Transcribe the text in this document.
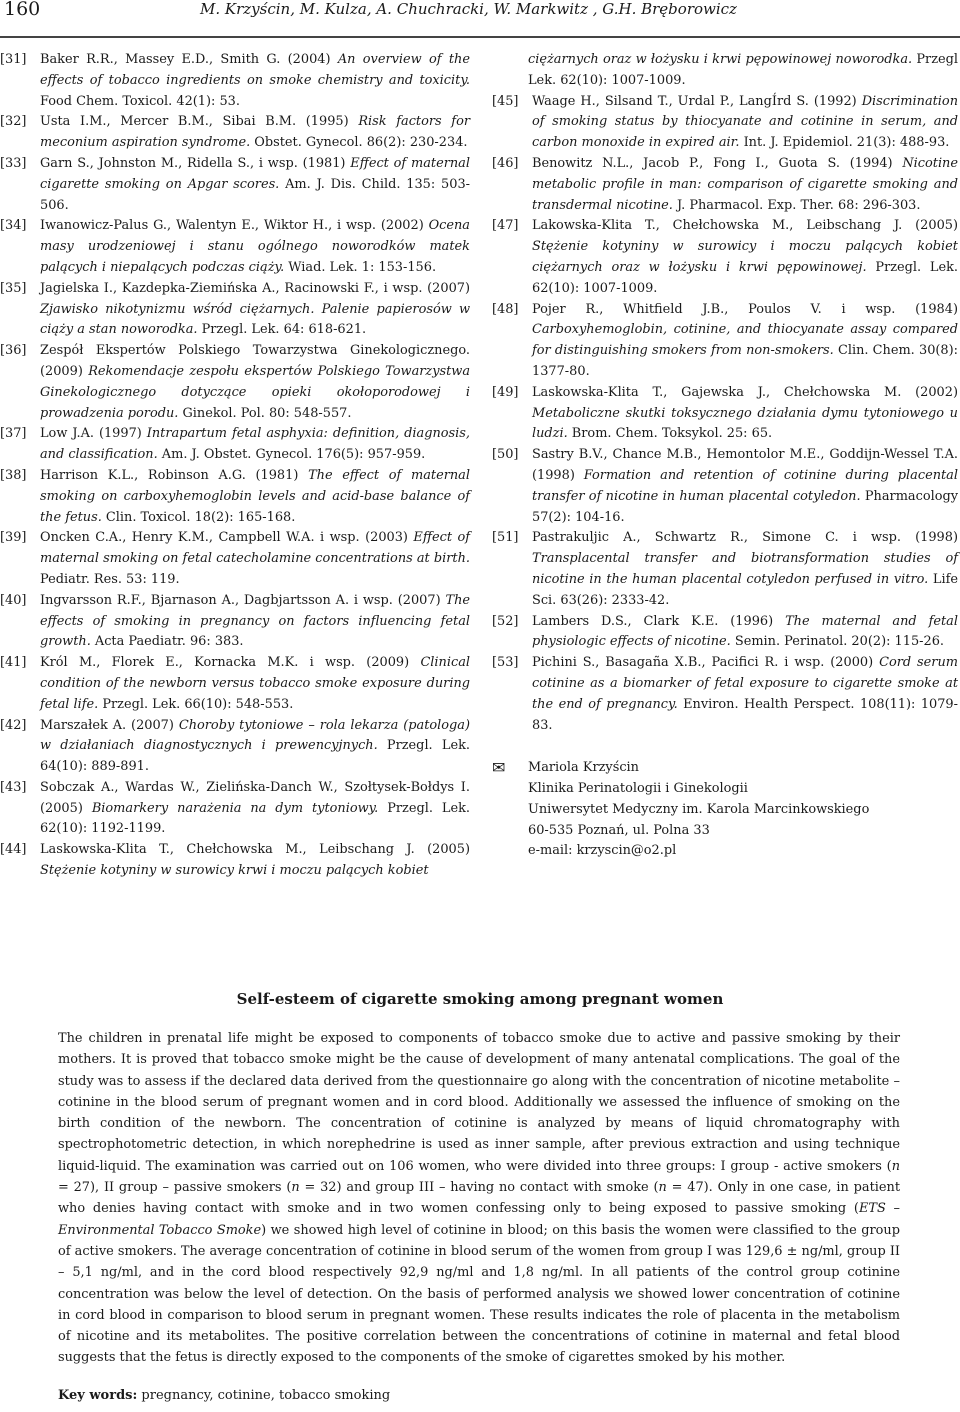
160	M. Krzyścin, M. Kulza, A. Chuchracki, W. Markwitz , G.H. Bręborowicz
[31]	Baker R.R., Massey E.D., Smith G. (2004) An overview of the effects of tobacco ingredients on smoke chemistry and toxicity. Food Chem. Toxicol. 42(1): 53.
[32]	Usta I.M., Mercer B.M., Sibai B.M. (1995) Risk factors for meconium aspiration syndrome. Obstet. Gynecol. 86(2): 230-234.
[33]	Garn S., Johnston M., Ridella S., i wsp. (1981) Effect of maternal cigarette smoking on Apgar scores. Am. J. Dis. Child. 135: 503-506.
[34]	Iwanowicz-Palus G., Walentyn E., Wiktor H., i wsp. (2002) Ocena masy urodzeniowej i stanu ogólnego noworodków matek palących i niepalących podczas ciąży. Wiad. Lek. 1: 153-156.
[35]	Jagielska I., Kazdepka-Ziemińska A., Racinowski F., i wsp. (2007) Zjawisko nikotynizmu wśród ciężarnych. Palenie papierosów w ciąży a stan noworodka. Przegl. Lek. 64: 618-621.
[36]	Zespół Ekspertów Polskiego Towarzystwa Ginekologicznego. (2009) Rekomendacje zespołu ekspertów Polskiego Towarzystwa Ginekologicznego dotyczące opieki okołoporodowej i prowadzenia porodu. Ginekol. Pol. 80: 548-557.
[37]	Low J.A. (1997) Intrapartum fetal asphyxia: definition, diagnosis, and classification. Am. J. Obstet. Gynecol. 176(5): 957-959.
[38]	Harrison K.L., Robinson A.G. (1981) The effect of maternal smoking on carboxyhemoglobin levels and acid-base balance of the fetus. Clin. Toxicol. 18(2): 165-168.
[39]	Oncken C.A., Henry K.M., Campbell W.A. i wsp. (2003) Effect of maternal smoking on fetal catecholamine concentrations at birth. Pediatr. Res. 53: 119.
[40]	Ingvarsson R.F., Bjarnason A., Dagbjartsson A. i wsp. (2007) The effects of smoking in pregnancy on factors influencing fetal growth. Acta Paediatr. 96: 383.
[41]	Król M., Florek E., Kornacka M.K. i wsp. (2009) Clinical condition of the newborn versus tobacco smoke exposure during fetal life. Przegl. Lek. 66(10): 548-553.
[42]	Marszałek A. (2007) Choroby tytoniowe – rola lekarza (patologa) w działaniach diagnostycznych i prewencyjnych. Przegl. Lek. 64(10): 889-891.
[43]	Sobczak A., Wardas W., Zielińska-Danch W., Szołtysek-Bołdys I. (2005) Biomarkery narażenia na dym tytoniowy. Przegl. Lek. 62(10): 1192-1199.
[44]	Laskowska-Klita T., Chełchowska M., Leibschang J. (2005) Stężenie kotyniny w surowicy krwi i moczu palących kobiet
ciężarnych oraz w łożysku i krwi pępowinowej noworodka. Przegl Lek. 62(10): 1007-1009.
[45]	Waage H., Silsand T., Urdal P., LangÍrd S. (1992) Discrimination of smoking status by thiocyanate and cotinine in serum, and carbon monoxide in expired air. Int. J. Epidemiol. 21(3): 488-93.
[46]	Benowitz N.L., Jacob P., Fong I., Guota S. (1994) Nicotine metabolic profile in man: comparison of cigarette smoking and transdermal nicotine. J. Pharmacol. Exp. Ther. 68: 296-303.
[47]	Lakowska-Klita T., Chełchowska M., Leibschang J. (2005) Stężenie kotyniny w surowicy i moczu palących kobiet ciężarnych oraz w łożysku i krwi pępowinowej. Przegl. Lek. 62(10): 1007-1009.
[48]	Pojer R., Whitfield J.B., Poulos V. i wsp. (1984) Carboxyhemoglobin, cotinine, and thiocyanate assay compared for distinguishing smokers from non-smokers. Clin. Chem. 30(8): 1377-80.
[49]	Laskowska-Klita T., Gajewska J., Chełchowska M. (2002) Metaboliczne skutki toksycznego działania dymu tytoniowego u ludzi. Brom. Chem. Toksykol. 25: 65.
[50]	Sastry B.V., Chance M.B., Hemontolor M.E., Goddijn-Wessel T.A. (1998) Formation and retention of cotinine during placental transfer of nicotine in human placental cotyledon. Pharmacology 57(2): 104-16.
[51]	Pastrakuljic A., Schwartz R., Simone C. i wsp. (1998) Transplacental transfer and biotransformation studies of nicotine in the human placental cotyledon perfused in vitro. Life Sci. 63(26): 2333-42.
[52]	Lambers D.S., Clark K.E. (1996) The maternal and fetal physiologic effects of nicotine. Semin. Perinatol. 20(2): 115-26.
[53]	Pichini S., Basagaña X.B., Pacifici R. i wsp. (2000) Cord serum cotinine as a biomarker of fetal exposure to cigarette smoke at the end of pregnancy. Environ. Health Perspect. 108(11): 1079-83.
✉	Mariola Krzyścin
Klinika Perinatologii i Ginekologii
Uniwersytet Medyczny im. Karola Marcinkowskiego
60-535 Poznań, ul. Polna 33
e-mail: krzyscin@o2.pl
Self-esteem of cigarette smoking among pregnant women
The children in prenatal life might be exposed to components of tobacco smoke due to active and passive smoking by their mothers. It is proved that tobacco smoke might be the cause of development of many antenatal complications. The goal of the study was to assess if the declared data derived from the questionnaire go along with the concentration of nicotine metabolite – cotinine in the blood serum of pregnant women and in cord blood. Additionally we assessed the influence of smoking on the birth condition of the newborn. The concentration of cotinine is analyzed by means of liquid chromatography with spectrophotometric detection, in which norephedrine is used as inner sample, after previous extraction and using technique liquid-liquid. The examination was carried out on 106 women, who were divided into three groups: I group - active smokers (n = 27), II group – passive smokers (n = 32) and group III – having no contact with smoke (n = 47). Only in one case, in patient who denies having contact with smoke and in two women confessing only to being exposed to passive smoking (ETS – Environmental Tobacco Smoke) we showed high level of cotinine in blood; on this basis the women were classified to the group of active smokers. The average concentration of cotinine in blood serum of the women from group I was 129,6 ± ng/ml, group II – 5,1 ng/ml, and in the cord blood respectively 92,9 ng/ml and 1,8 ng/ml. In all patients of the control group cotinine concentration was below the level of detection. On the basis of performed analysis we showed lower concentration of cotinine in cord blood in comparison to blood serum in pregnant women. These results indicates the role of placenta in the metabolism of nicotine and its metabolites. The positive correlation between the concentrations of cotinine in maternal and fetal blood suggests that the fetus is directly exposed to the components of the smoke of cigarettes smoked by his mother.
Key words: pregnancy, cotinine, tobacco smoking
